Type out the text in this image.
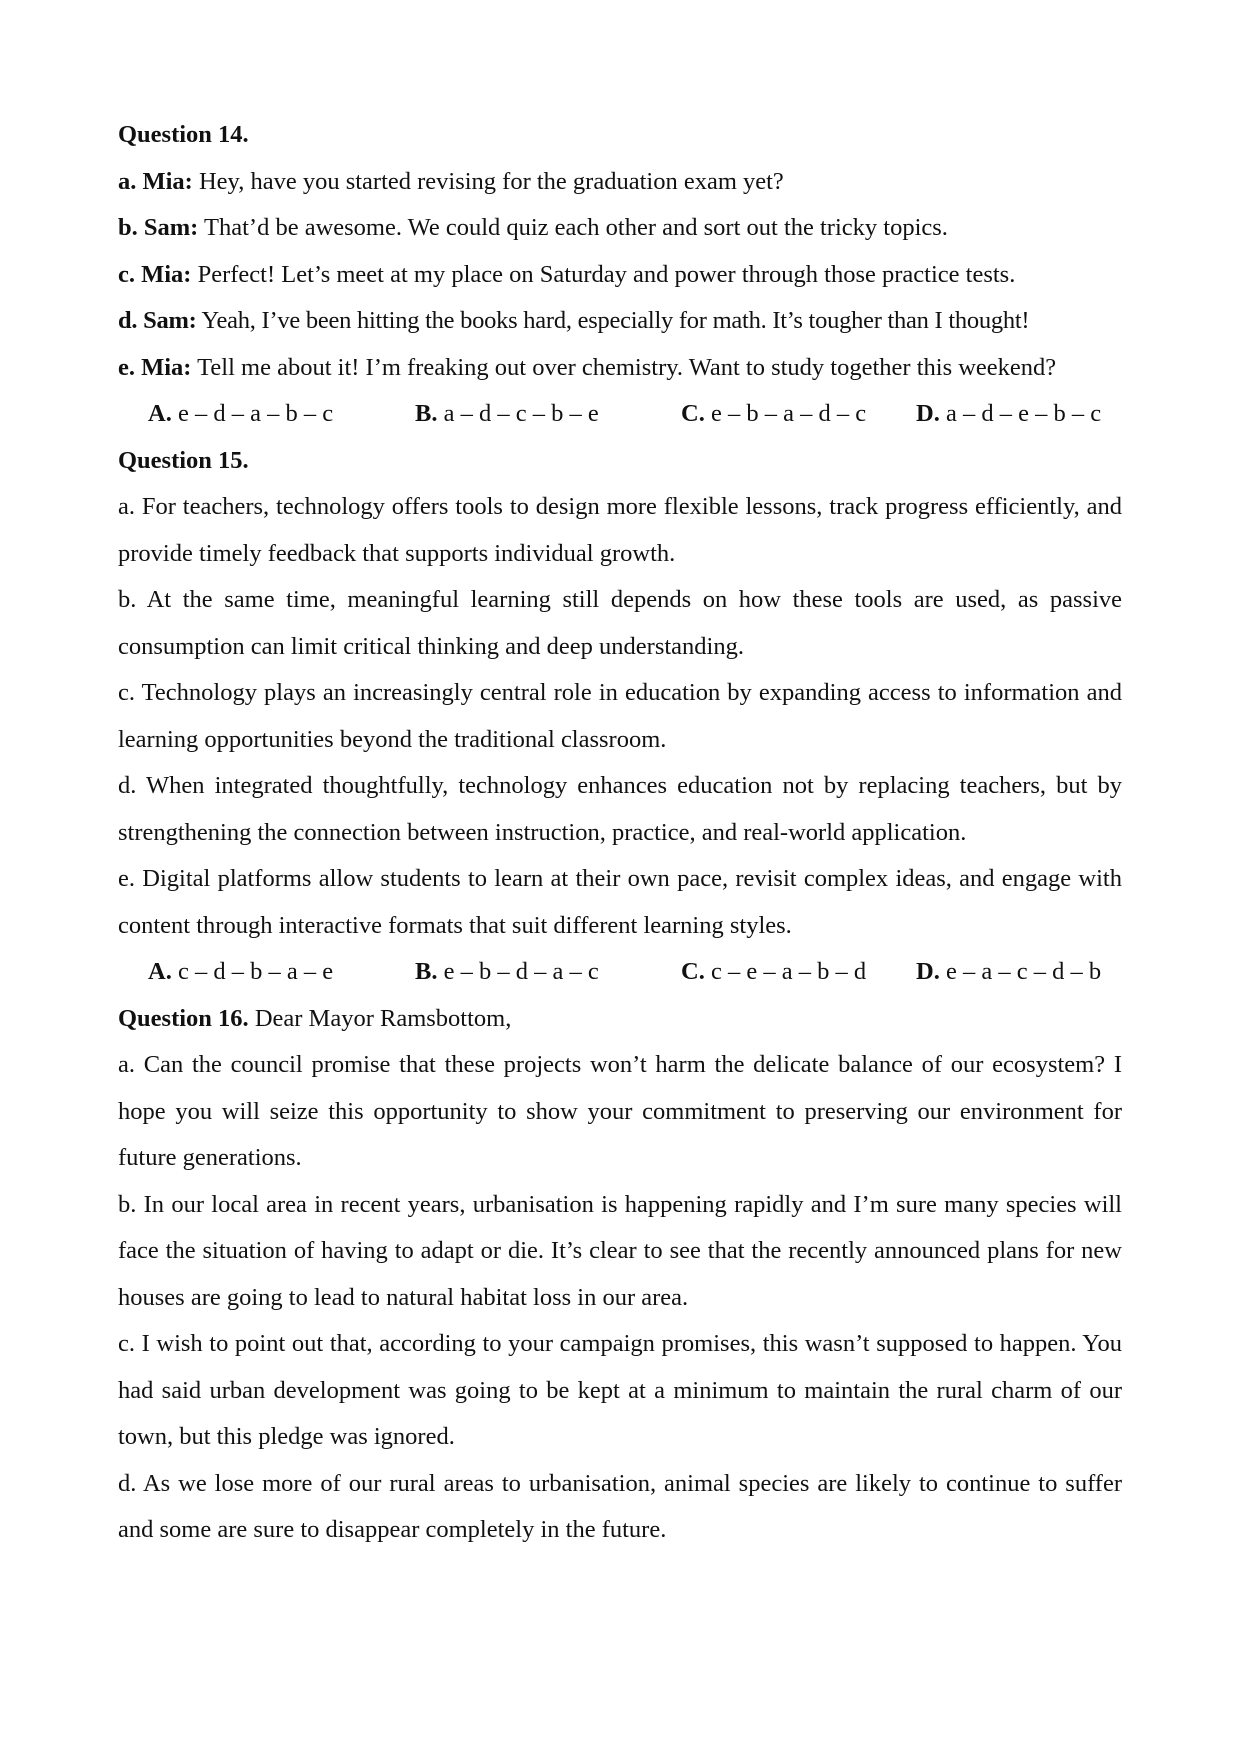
Question 14.
a. Mia: Hey, have you started revising for the graduation exam yet?
b. Sam: That’d be awesome. We could quiz each other and sort out the tricky topics.
c. Mia: Perfect! Let’s meet at my place on Saturday and power through those practice tests.
d. Sam: Yeah, I’ve been hitting the books hard, especially for math. It’s tougher than I thought!
e. Mia: Tell me about it! I’m freaking out over chemistry. Want to study together this weekend?
A. e – d – a – b – c	B. a – d – c – b – e	C. e – b – a – d – c	D. a – d – e – b – c
Question 15.
a. For teachers, technology offers tools to design more flexible lessons, track progress efficiently, and provide timely feedback that supports individual growth.
b. At the same time, meaningful learning still depends on how these tools are used, as passive consumption can limit critical thinking and deep understanding.
c. Technology plays an increasingly central role in education by expanding access to information and learning opportunities beyond the traditional classroom.
d. When integrated thoughtfully, technology enhances education not by replacing teachers, but by strengthening the connection between instruction, practice, and real-world application.
e. Digital platforms allow students to learn at their own pace, revisit complex ideas, and engage with content through interactive formats that suit different learning styles.
A. c – d – b – a – e	B. e – b – d – a – c	C. c – e – a – b – d	D. e – a – c – d – b
Question 16. Dear Mayor Ramsbottom,
a. Can the council promise that these projects won’t harm the delicate balance of our ecosystem? I hope you will seize this opportunity to show your commitment to preserving our environment for future generations.
b. In our local area in recent years, urbanisation is happening rapidly and I’m sure many species will face the situation of having to adapt or die. It’s clear to see that the recently announced plans for new houses are going to lead to natural habitat loss in our area.
c. I wish to point out that, according to your campaign promises, this wasn’t supposed to happen. You had said urban development was going to be kept at a minimum to maintain the rural charm of our town, but this pledge was ignored.
d. As we lose more of our rural areas to urbanisation, animal species are likely to continue to suffer and some are sure to disappear completely in the future.
